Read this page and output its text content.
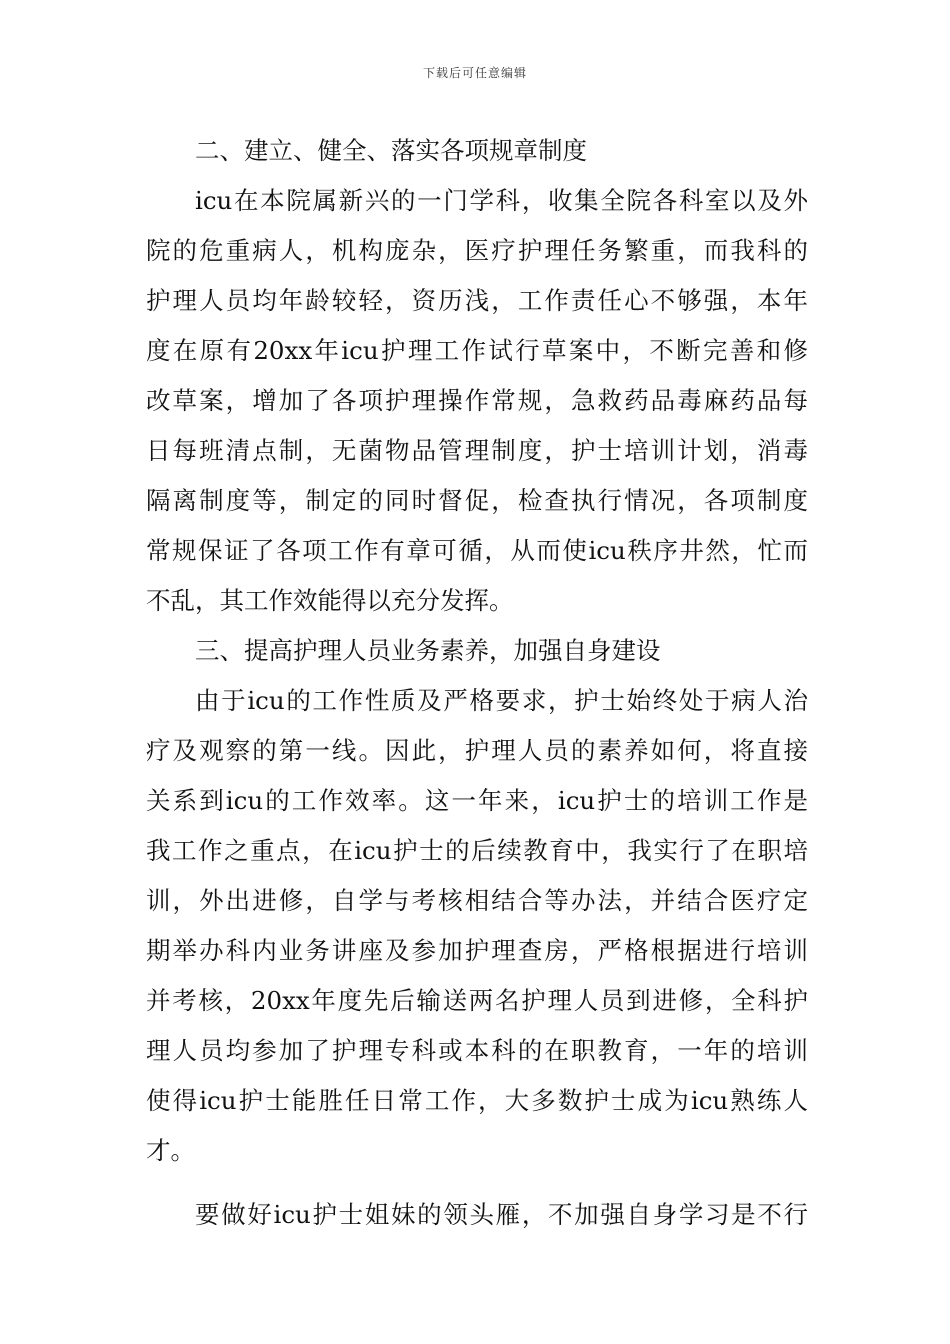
下载后可任意编辑
二、建立、健全、落实各项规章制度
icu在本院属新兴的一门学科，收集全院各科室以及外
院的危重病人，机构庞杂，医疗护理任务繁重，而我科的
护理人员均年龄较轻，资历浅，工作责任心不够强，本年
度在原有20xx年icu护理工作试行草案中，不断完善和修
改草案，增加了各项护理操作常规，急救药品毒麻药品每
日每班清点制，无菌物品管理制度，护士培训计划，消毒
隔离制度等，制定的同时督促，检查执行情况，各项制度
常规保证了各项工作有章可循，从而使icu秩序井然，忙而
不乱，其工作效能得以充分发挥。
三、提高护理人员业务素养，加强自身建设
由于icu的工作性质及严格要求，护士始终处于病人治
疗及观察的第一线。因此，护理人员的素养如何，将直接
关系到icu的工作效率。这一年来，icu护士的培训工作是
我工作之重点，在icu护士的后续教育中，我实行了在职培
训，外出进修，自学与考核相结合等办法，并结合医疗定
期举办科内业务讲座及参加护理查房，严格根据进行培训
并考核，20xx年度先后输送两名护理人员到进修，全科护
理人员均参加了护理专科或本科的在职教育，一年的培训
使得icu护士能胜任日常工作，大多数护士成为icu熟练人
才。
要做好icu护士姐妹的领头雁，不加强自身学习是不行
